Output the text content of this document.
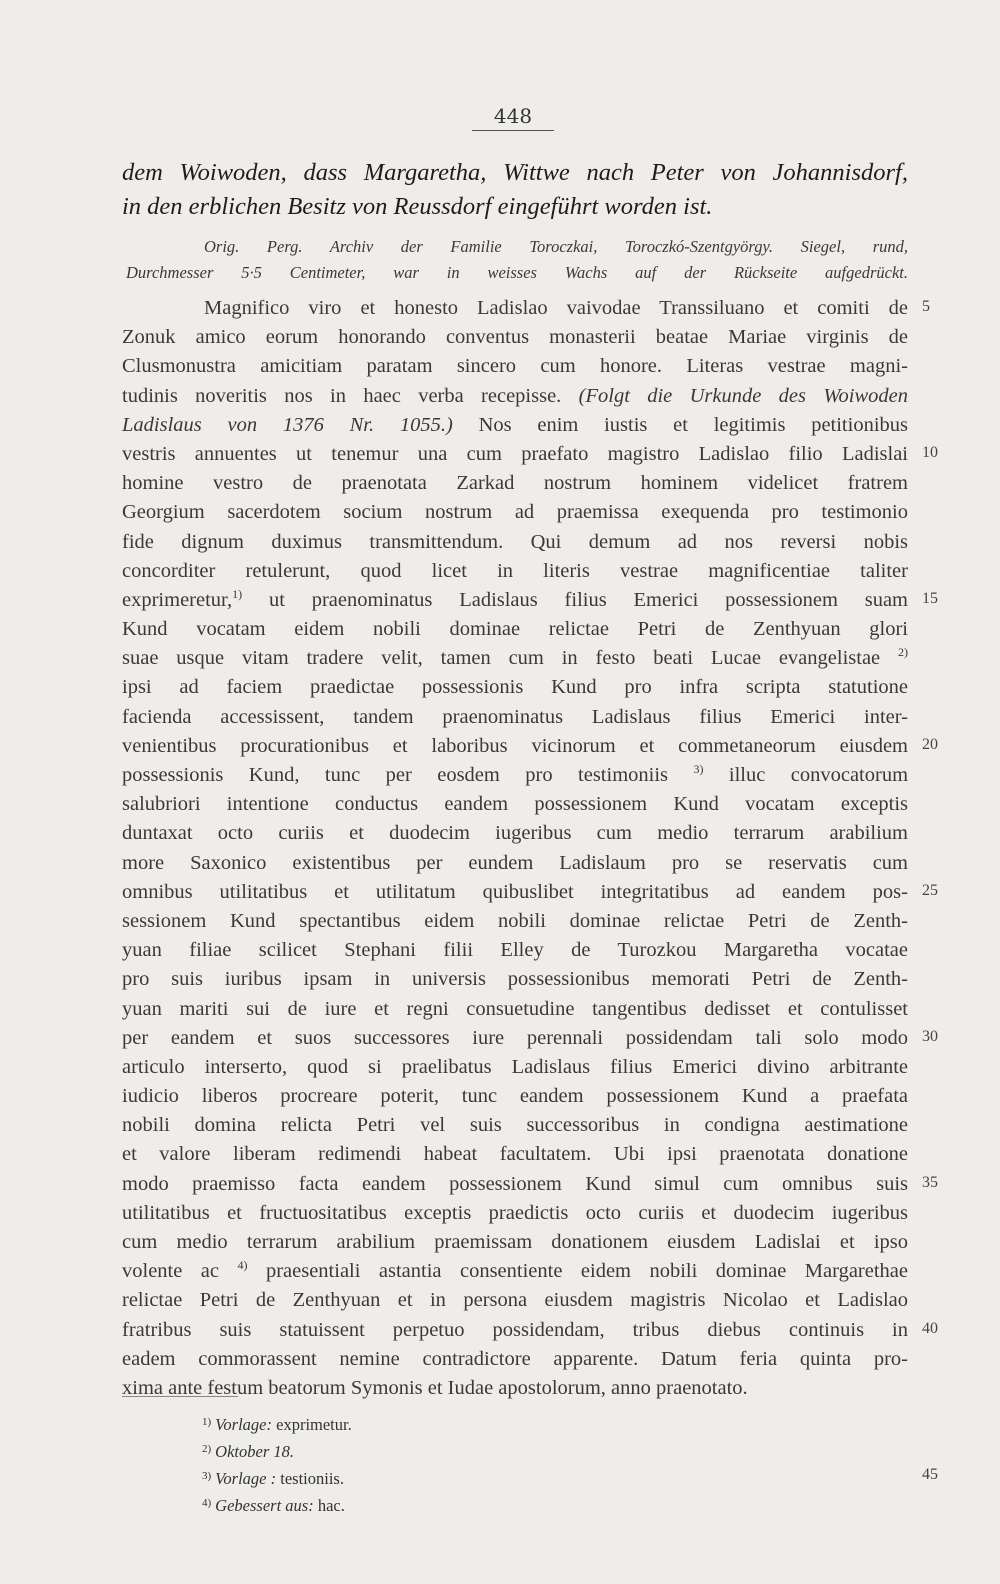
448
dem Woiwoden, dass Margaretha, Wittwe nach Peter von Johannisdorf,
in den erblichen Besitz von Reussdorf eingeführt worden ist.
Orig. Perg. Archiv der Familie Toroczkai, Toroczkó-Szentgyörgy. Siegel, rund,
Durchmesser 5·5 Centimeter, war in weisses Wachs auf der Rückseite aufgedrückt.
Magnifico viro et honesto Ladislao vaivodae Transsiluano et comiti de
Zonuk amico eorum honorando conventus monasterii beatae Mariae virginis de
Clusmonustra amicitiam paratam sincero cum honore. Literas vestrae magni-
tudinis noveritis nos in haec verba recepisse. (Folgt die Urkunde des Woiwoden
Ladislaus von 1376 Nr. 1055.) Nos enim iustis et legitimis petitionibus
vestris annuentes ut tenemur una cum praefato magistro Ladislao filio Ladislai
homine vestro de praenotata Zarkad nostrum hominem videlicet fratrem
Georgium sacerdotem socium nostrum ad praemissa exequenda pro testimonio
fide dignum duximus transmittendum. Qui demum ad nos reversi nobis
concorditer retulerunt, quod licet in literis vestrae magnificentiae taliter
exprimeretur,$^{1)}$ ut praenominatus Ladislaus filius Emerici possessionem suam
Kund vocatam eidem nobili dominae relictae Petri de Zenthyuan glori
suae usque vitam tradere velit, tamen cum in festo beati Lucae evangelistae $^{2)}$
ipsi ad faciem praedictae possessionis Kund pro infra scripta statutione
facienda accessissent, tandem praenominatus Ladislaus filius Emerici inter-
venientibus procurationibus et laboribus vicinorum et commetaneorum eiusdem
possessionis Kund, tunc per eosdem pro testimoniis $^{3)}$ illuc convocatorum
salubriori intentione conductus eandem possessionem Kund vocatam exceptis
duntaxat octo curiis et duodecim iugeribus cum medio terrarum arabilium
more Saxonico existentibus per eundem Ladislaum pro se reservatis cum
omnibus utilitatibus et utilitatum quibuslibet integritatibus ad eandem pos-
sessionem Kund spectantibus eidem nobili dominae relictae Petri de Zenth-
yuan filiae scilicet Stephani filii Elley de Turozkou Margaretha vocatae
pro suis iuribus ipsam in universis possessionibus memorati Petri de Zenth-
yuan mariti sui de iure et regni consuetudine tangentibus dedisset et contulisset
per eandem et suos successores iure perennali possidendam tali solo modo
articulo interserto, quod si praelibatus Ladislaus filius Emerici divino arbitrante
iudicio liberos procreare poterit, tunc eandem possessionem Kund a praefata
nobili domina relicta Petri vel suis successoribus in condigna aestimatione
et valore liberam redimendi habeat facultatem. Ubi ipsi praenotata donatione
modo praemisso facta eandem possessionem Kund simul cum omnibus suis
utilitatibus et fructuositatibus exceptis praedictis octo curiis et duodecim iugeribus
cum medio terrarum arabilium praemissam donationem eiusdem Ladislai et ipso
volente ac $^{4)}$ praesentiali astantia consentiente eidem nobili dominae Margarethae
relictae Petri de Zenthyuan et in persona eiusdem magistris Nicolao et Ladislao
fratribus suis statuissent perpetuo possidendam, tribus diebus continuis in
eadem commorassent nemine contradictore apparente. Datum feria quinta pro-
xima ante festum beatorum Symonis et Iudae apostolorum, anno praenotato.
5
10
15
20
25
30
35
40
45
$^{1)}$ Vorlage: exprimetur.
$^{2)}$ Oktober 18.
$^{3)}$ Vorlage : testioniis.
$^{4)}$ Gebessert aus: hac.
